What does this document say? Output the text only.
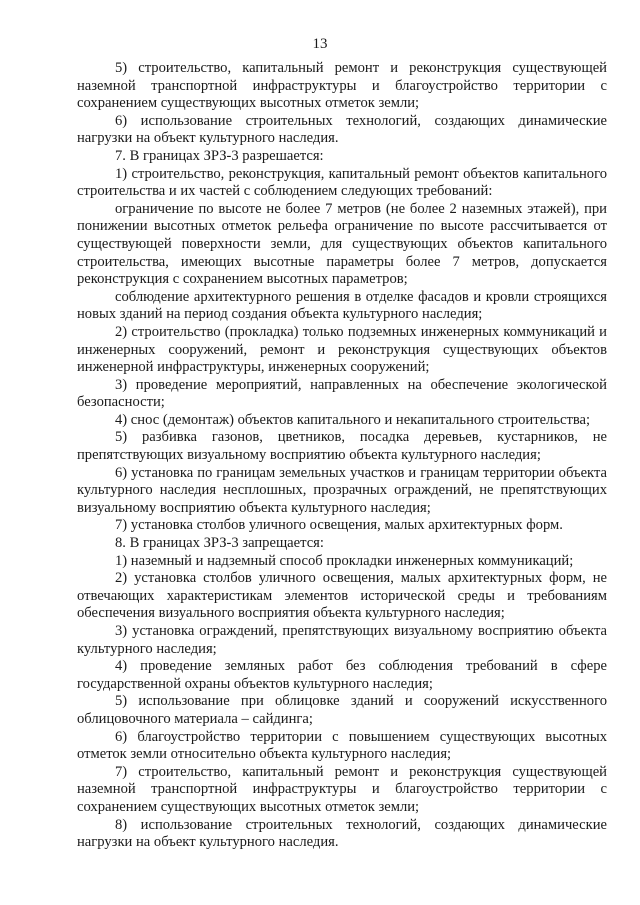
13

5) строительство, капитальный ремонт и реконструкция существующей наземной транспортной инфраструктуры и благоустройство территории с сохранением существующих высотных отметок земли;

6) использование строительных технологий, создающих динамические нагрузки на объект культурного наследия.

7. В границах ЗРЗ-3 разрешается:

1) строительство, реконструкция, капитальный ремонт объектов капитального строительства и их частей с соблюдением следующих требований:

ограничение по высоте не более 7 метров (не более 2 наземных этажей), при понижении высотных отметок рельефа ограничение по высоте рассчитывается от существующей поверхности земли, для существующих объектов капитального строительства, имеющих высотные параметры более 7 метров, допускается реконструкция с сохранением высотных параметров;

соблюдение архитектурного решения в отделке фасадов и кровли строящихся новых зданий на период создания объекта культурного наследия;

2) строительство (прокладка) только подземных инженерных коммуникаций и инженерных сооружений, ремонт и реконструкция существующих объектов инженерной инфраструктуры, инженерных сооружений;

3) проведение мероприятий, направленных на обеспечение экологической безопасности;

4) снос (демонтаж) объектов капитального и некапитального строительства;

5) разбивка газонов, цветников, посадка деревьев, кустарников, не препятствующих визуальному восприятию объекта культурного наследия;

6) установка по границам земельных участков и границам территории объекта культурного наследия несплошных, прозрачных ограждений, не препятствующих визуальному восприятию объекта культурного наследия;

7) установка столбов уличного освещения, малых архитектурных форм.

8. В границах ЗРЗ-3 запрещается:

1) наземный и надземный способ прокладки инженерных коммуникаций;

2) установка столбов уличного освещения, малых архитектурных форм, не отвечающих характеристикам элементов исторической среды и требованиям обеспечения визуального восприятия объекта культурного наследия;

3) установка ограждений, препятствующих визуальному восприятию объекта культурного наследия;

4) проведение земляных работ без соблюдения требований в сфере государственной охраны объектов культурного наследия;

5) использование при облицовке зданий и сооружений искусственного облицовочного материала – сайдинга;

6) благоустройство территории с повышением существующих высотных отметок земли относительно объекта культурного наследия;

7) строительство, капитальный ремонт и реконструкция существующей наземной транспортной инфраструктуры и благоустройство территории с сохранением существующих высотных отметок земли;

8) использование строительных технологий, создающих динамические нагрузки на объект культурного наследия.
